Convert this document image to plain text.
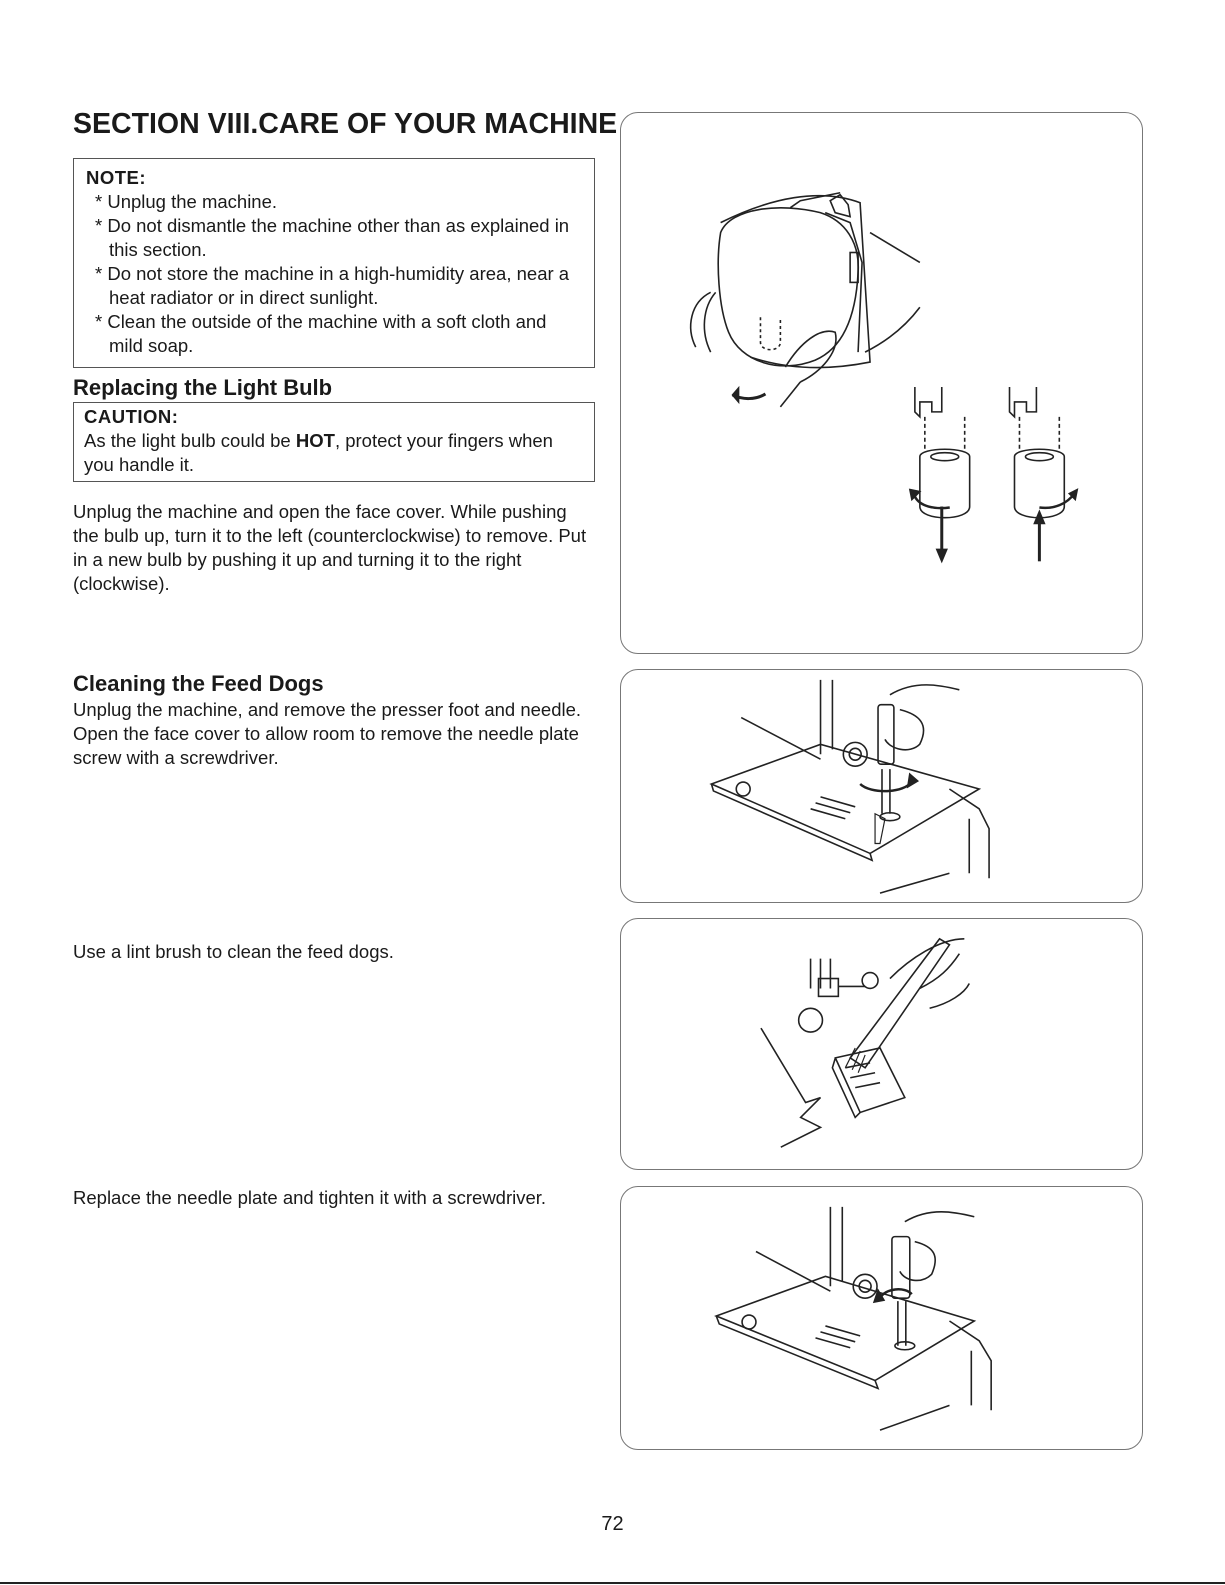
SECTION VIII.CARE OF YOUR MACHINE
NOTE:
* Unplug the machine.
* Do not dismantle the machine other than as explained in this section.
* Do not store the machine in a high-humidity area, near a heat radiator or in direct sunlight.
* Clean the outside of the machine with a soft cloth and mild soap.
Replacing the Light Bulb
CAUTION:
As the light bulb could be HOT, protect your fingers when you handle it.

Unplug the machine and open the face cover. While pushing the bulb up, turn it to the left (counterclockwise) to remove. Put in a new bulb by pushing it up and turning it to the right (clockwise).

Cleaning the Feed Dogs

Unplug the machine, and remove the presser foot and needle. Open the face cover to allow room to remove the needle plate screw with a screwdriver.

Use a lint brush to clean the feed dogs.

Replace the needle plate and tighten it with a screwdriver.

72
